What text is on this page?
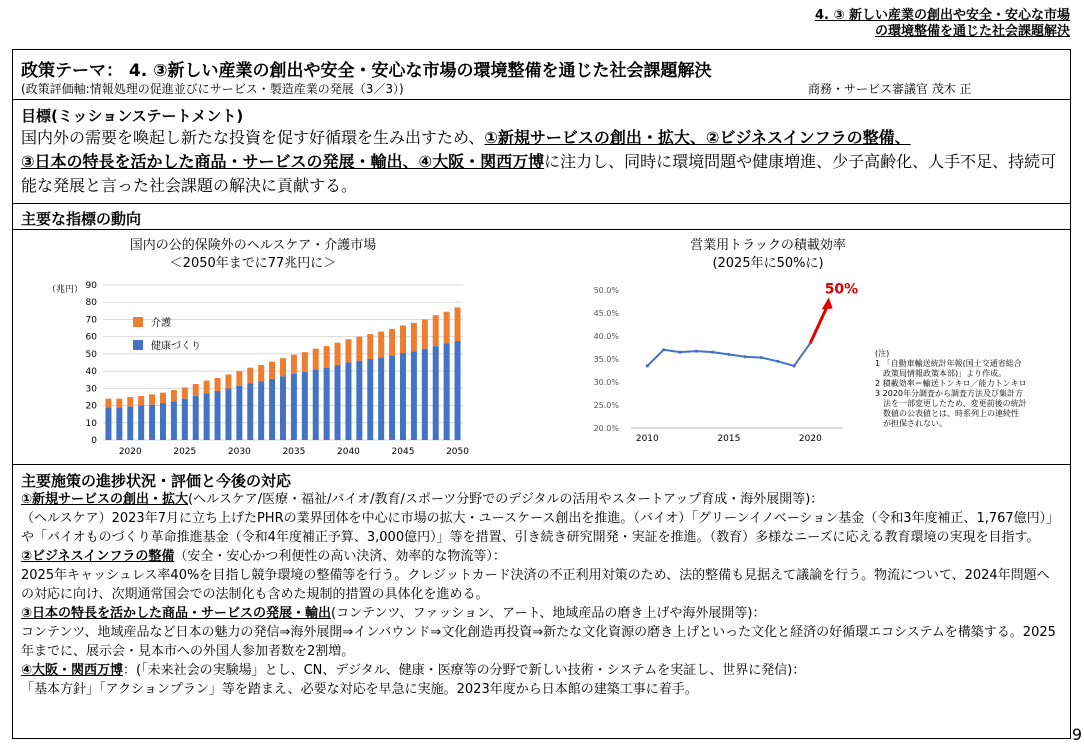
4. ③ 新しい産業の創出や安全・安心な市場
の環境整備を通じた社会課題解決
政策テーマ： 4. ③新しい産業の創出や安全・安心な市場の環境整備を通じた社会課題解決
(政策評価軸:情報処理の促進並びにサービス・製造産業の発展（3／3）)	商務・サービス審議官 茂木 正
目標(ミッションステートメント)
国内外の需要を喚起し新たな投資を促す好循環を生み出すため、①新規サービスの創出・拡大、②ビジネスインフラの整備、
③日本の特長を活かした商品・サービスの発展・輸出、④大阪・関西万博に注力し、同時に環境問題や健康増進、少子高齢化、人手不足、持続可能な発展と言った社会課題の解決に貢献する。
主要な指標の動向
国内の公的保険外のヘルスケア・介護市場
＜2050年までに77兆円に＞
（兆円）
0
10
20
30
40
50
60
70
80
90
2020	2025	2030	2035	2040	2045	2050
介護
健康づくり
営業用トラックの積載効率
(2025年に50%に)
20.0%
25.0%
30.0%
35.0%
40.0%
45.0%
50.0%
2010	2015	2020
50%
(注)
1 「自動車輸送統計年報(国土交通省総合
　政策局情報政策本部)」より作成。
2 積載効率＝輸送トンキロ／能力トンキロ
3 2020年分調査から調査方法及び集計方
　法を一部変更したため、変更前後の統計
　数値の公表値とは、時系列上の連続性
　が担保されない。
主要施策の進捗状況・評価と今後の対応

①新規サービスの創出・拡大(ヘルスケア/医療・福祉/バイオ/教育/スポーツ分野でのデジタルの活用やスタートアップ育成・海外展開等)：

（ヘルスケア）2023年7月に立ち上げたPHRの業界団体を中心に市場の拡大・ユースケース創出を推進。（バイオ）「グリーンイノベーション基金（令和3年度補正、1,767億円）」や「バイオものづくり革命推進基金（令和4年度補正予算、3,000億円）」等を措置、引き続き研究開発・実証を推進。（教育）多様なニーズに応える教育環境の実現を目指す。

②ビジネスインフラの整備（安全・安心かつ利便性の高い決済、効率的な物流等）：

2025年キャッシュレス率40%を目指し競争環境の整備等を行う。クレジットカード決済の不正利用対策のため、法的整備も見据えて議論を行う。物流について、2024年問題への対応に向け、次期通常国会での法制化も含めた規制的措置の具体化を進める。

③日本の特長を活かした商品・サービスの発展・輸出(コンテンツ、ファッション、アート、地域産品の磨き上げや海外展開等)：

コンテンツ、地域産品など日本の魅力の発信⇒海外展開⇒インバウンド⇒文化創造再投資⇒新たな文化資源の磨き上げといった文化と経済の好循環エコシステムを構築する。2025年までに、展示会・見本市への外国人参加者数を2割増。

④大阪・関西万博：(「未来社会の実験場」とし、CN、デジタル、健康・医療等の分野で新しい技術・システムを実証し、世界に発信)：

「基本方針」「アクションプラン」等を踏まえ、必要な対応を早急に実施。2023年度から日本館の建築工事に着手。

9
